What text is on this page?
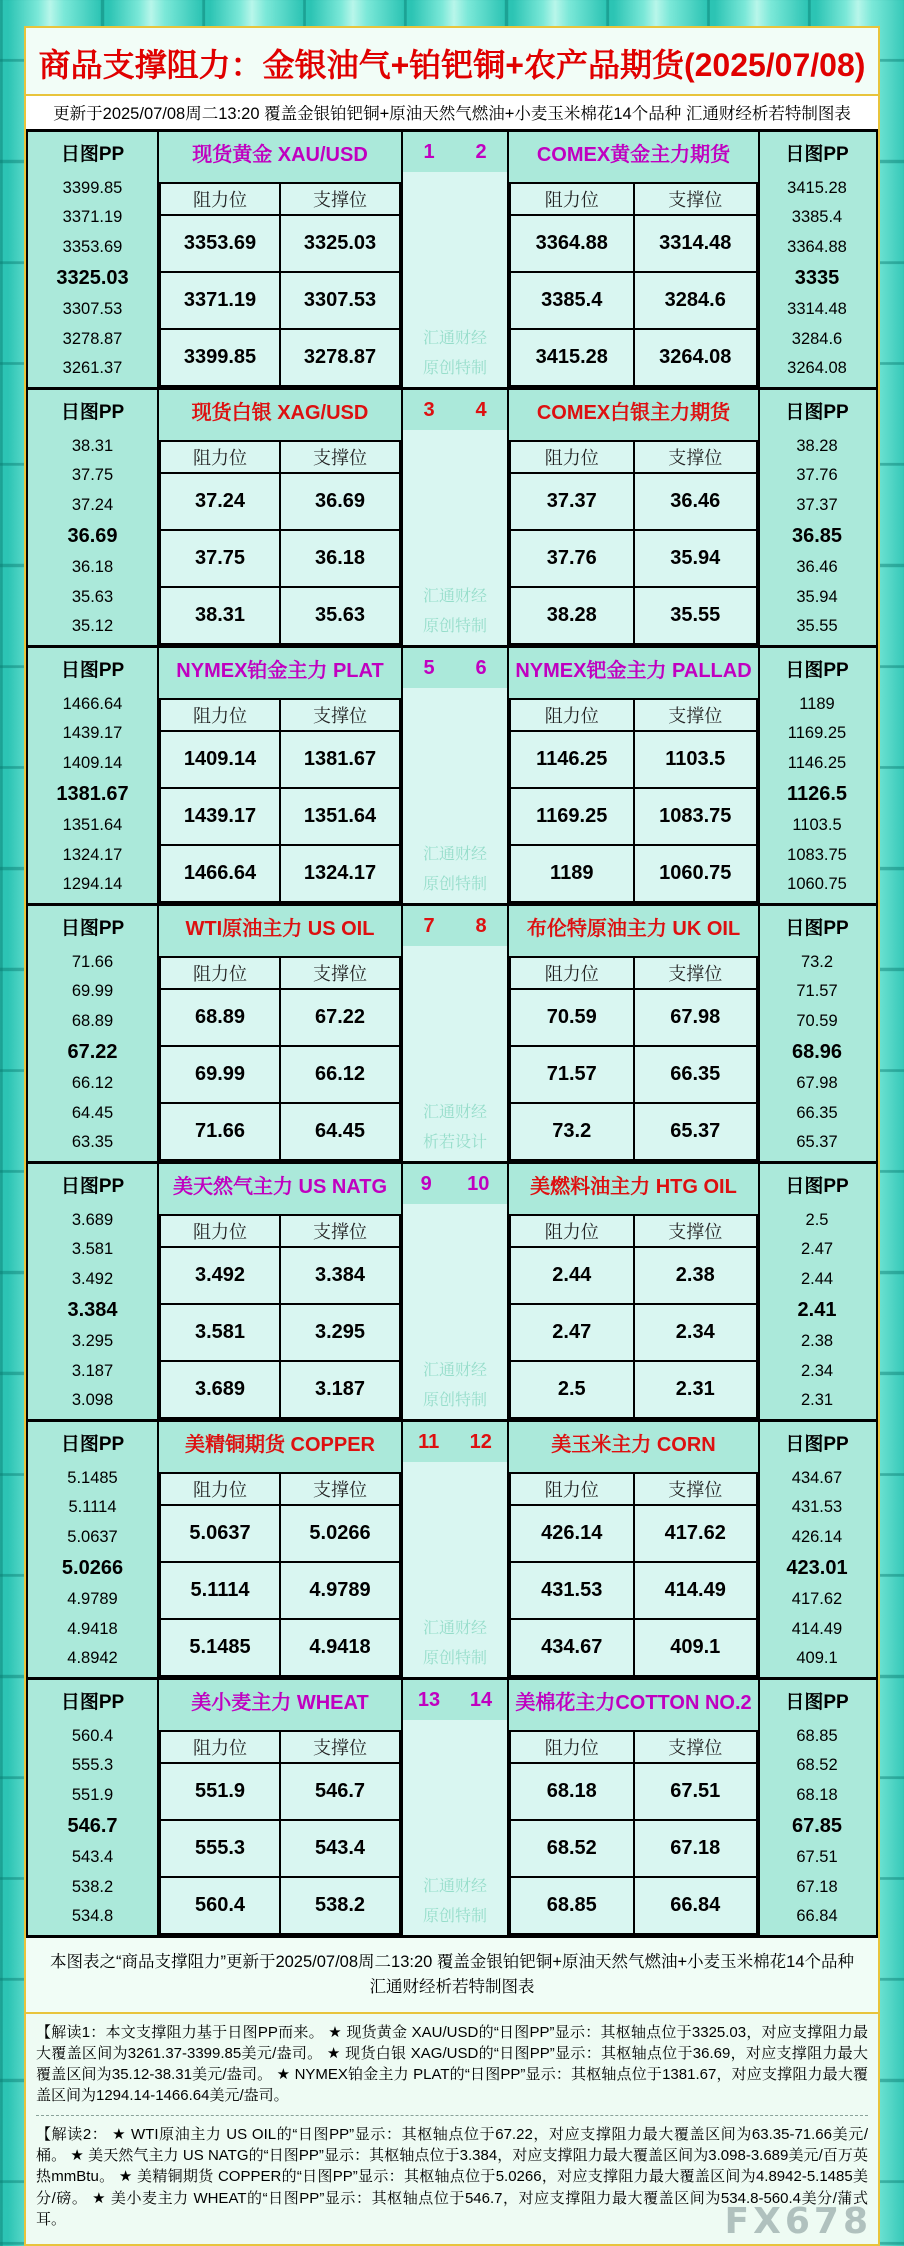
商品支撑阻力：金银油气+铂钯铜+农产品期货(2025/07/08)
更新于2025/07/08周二13:20 覆盖金银铂钯铜+原油天然气燃油+小麦玉米棉花14个品种 汇通财经析若特制图表
日图PP	现货黄金 XAU/USD	1 2	COMEX黄金主力期货	日图PP
3399.85
3371.19
3353.69
3325.03
3307.53
3278.87
3261.37
阻力位	支撑位
3353.69	3325.03
3371.19	3307.53
3399.85	3278.87
汇通财经
原创特制
阻力位	支撑位
3364.88	3314.48
3385.4	3284.6
3415.28	3264.08
3415.28
3385.4
3364.88
3335
3314.48
3284.6
3264.08
日图PP	现货白银 XAG/USD	3 4	COMEX白银主力期货	日图PP
38.31
37.75
37.24
36.69
36.18
35.63
35.12
阻力位	支撑位
37.24	36.69
37.75	36.18
38.31	35.63
汇通财经
原创特制
阻力位	支撑位
37.37	36.46
37.76	35.94
38.28	35.55
38.28
37.76
37.37
36.85
36.46
35.94
35.55
日图PP	NYMEX铂金主力 PLAT	5 6	NYMEX钯金主力 PALLAD	日图PP
1466.64
1439.17
1409.14
1381.67
1351.64
1324.17
1294.14
阻力位	支撑位
1409.14	1381.67
1439.17	1351.64
1466.64	1324.17
汇通财经
原创特制
阻力位	支撑位
1146.25	1103.5
1169.25	1083.75
1189	1060.75
1189
1169.25
1146.25
1126.5
1103.5
1083.75
1060.75
日图PP	WTI原油主力 US OIL	7 8	布伦特原油主力 UK OIL	日图PP
71.66
69.99
68.89
67.22
66.12
64.45
63.35
阻力位	支撑位
68.89	67.22
69.99	66.12
71.66	64.45
汇通财经
析若设计
阻力位	支撑位
70.59	67.98
71.57	66.35
73.2	65.37
73.2
71.57
70.59
68.96
67.98
66.35
65.37
日图PP	美天然气主力 US NATG	9 10	美燃料油主力 HTG OIL	日图PP
3.689
3.581
3.492
3.384
3.295
3.187
3.098
阻力位	支撑位
3.492	3.384
3.581	3.295
3.689	3.187
汇通财经
原创特制
阻力位	支撑位
2.44	2.38
2.47	2.34
2.5	2.31
2.5
2.47
2.44
2.41
2.38
2.34
2.31
日图PP	美精铜期货 COPPER	11 12	美玉米主力 CORN	日图PP
5.1485
5.1114
5.0637
5.0266
4.9789
4.9418
4.8942
阻力位	支撑位
5.0637	5.0266
5.1114	4.9789
5.1485	4.9418
汇通财经
原创特制
阻力位	支撑位
426.14	417.62
431.53	414.49
434.67	409.1
434.67
431.53
426.14
423.01
417.62
414.49
409.1
日图PP	美小麦主力 WHEAT	13 14	美棉花主力COTTON NO.2	日图PP
560.4
555.3
551.9
546.7
543.4
538.2
534.8
阻力位	支撑位
551.9	546.7
555.3	543.4
560.4	538.2
汇通财经
原创特制
阻力位	支撑位
68.18	67.51
68.52	67.18
68.85	66.84
68.85
68.52
68.18
67.85
67.51
67.18
66.84
本图表之“商品支撑阻力”更新于2025/07/08周二13:20 覆盖金银铂钯铜+原油天然气燃油+小麦玉米棉花14个品种 汇通财经析若特制图表
【解读1：本文支撑阻力基于日图PP而来。 ★ 现货黄金 XAU/USD的“日图PP”显示：其枢轴点位于3325.03，对应支撑阻力最大覆盖区间为3261.37-3399.85美元/盎司。 ★ 现货白银 XAG/USD的“日图PP”显示：其枢轴点位于36.69，对应支撑阻力最大覆盖区间为35.12-38.31美元/盎司。 ★ NYMEX铂金主力 PLAT的“日图PP”显示：其枢轴点位于1381.67，对应支撑阻力最大覆盖区间为1294.14-1466.64美元/盎司。
【解读2： ★ WTI原油主力 US OIL的“日图PP”显示：其枢轴点位于67.22，对应支撑阻力最大覆盖区间为63.35-71.66美元/桶。 ★ 美天然气主力 US NATG的“日图PP”显示：其枢轴点位于3.384，对应支撑阻力最大覆盖区间为3.098-3.689美元/百万英热mmBtu。 ★ 美精铜期货 COPPER的“日图PP”显示：其枢轴点位于5.0266，对应支撑阻力最大覆盖区间为4.8942-5.1485美分/磅。 ★ 美小麦主力 WHEAT的“日图PP”显示：其枢轴点位于546.7，对应支撑阻力最大覆盖区间为534.8-560.4美分/蒲式耳。	FX678
